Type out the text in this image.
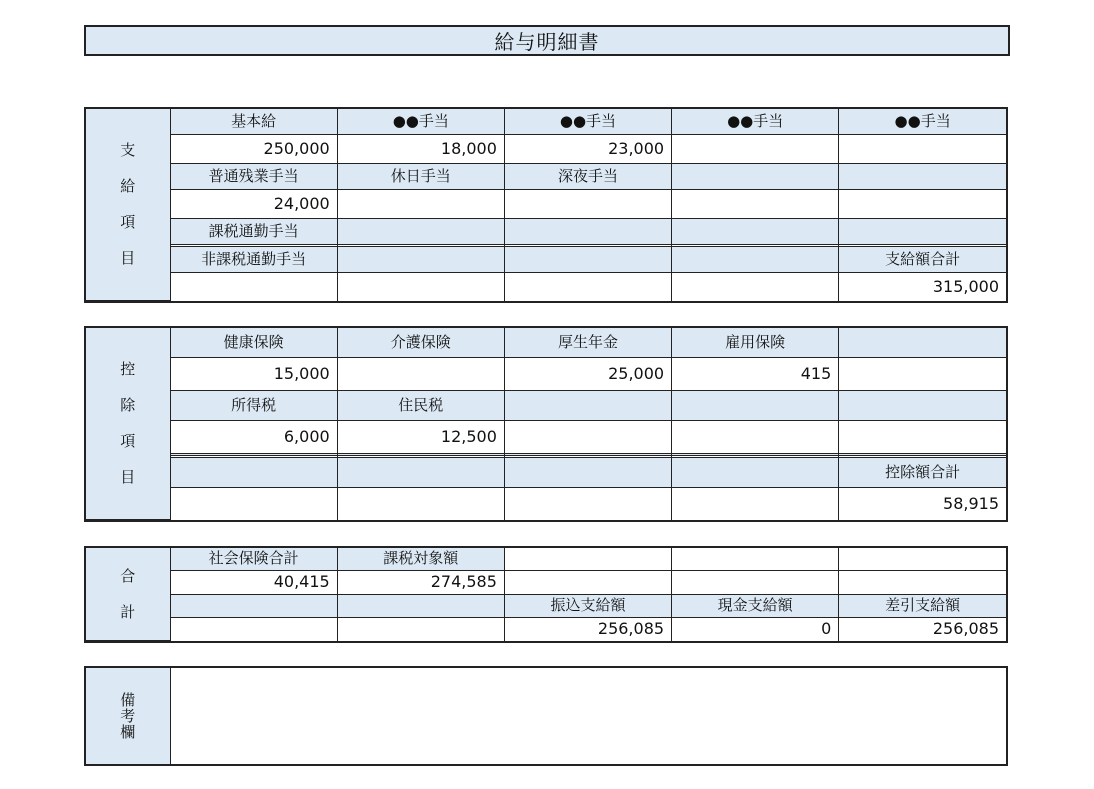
給与明細書
支
給
項
目	基本給	●●手当	●●手当	●●手当	●●手当
	250,000	18,000	23,000		
	普通残業手当	休日手当	深夜手当		
	24,000				
	課税通勤手当				

	非課税通勤手当				支給額合計
					315,000
控
除
項
目	健康保険	介護保険	厚生年金	雇用保険	
	15,000		25,000	415	
	所得税	住民税			
	6,000	12,500			

					控除額合計
					58,915
合
計	社会保険合計	課税対象額			
	40,415	274,585			
			振込支給額	現金支給額	差引支給額
			256,085	0	256,085
備
考
欄
